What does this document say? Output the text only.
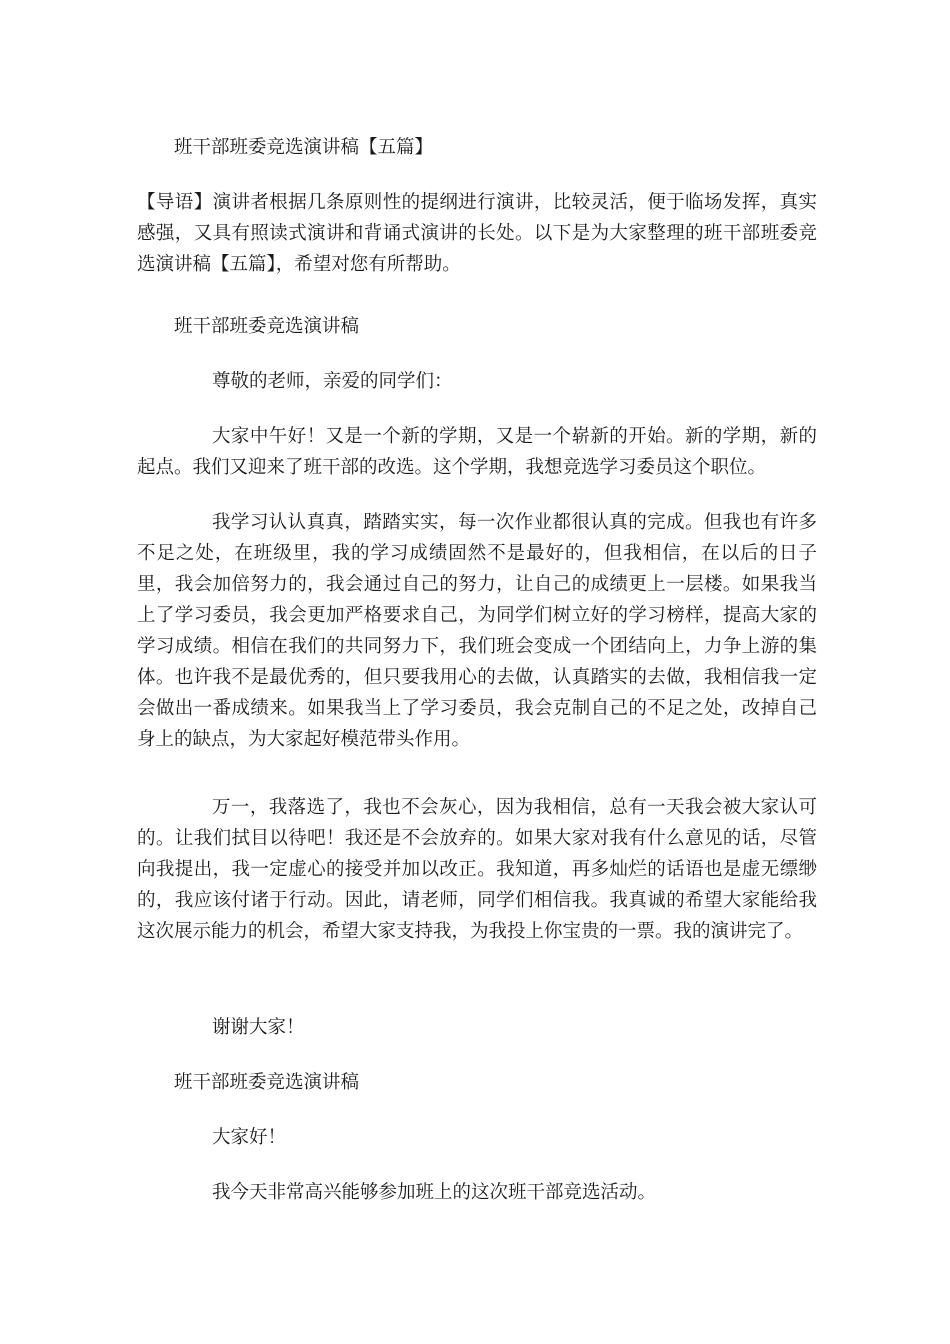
班干部班委竞选演讲稿【五篇】

【导语】演讲者根据几条原则性的提纲进行演讲，比较灵活，便于临场发挥，真实感强，又具有照读式演讲和背诵式演讲的长处。以下是为大家整理的班干部班委竞选演讲稿【五篇】，希望对您有所帮助。

班干部班委竞选演讲稿

尊敬的老师，亲爱的同学们：

大家中午好！又是一个新的学期，又是一个崭新的开始。新的学期，新的起点。我们又迎来了班干部的改选。这个学期，我想竞选学习委员这个职位。

我学习认认真真，踏踏实实，每一次作业都很认真的完成。但我也有许多不足之处，在班级里，我的学习成绩固然不是最好的，但我相信，在以后的日子里，我会加倍努力的，我会通过自己的努力，让自己的成绩更上一层楼。如果我当上了学习委员，我会更加严格要求自己，为同学们树立好的学习榜样，提高大家的学习成绩。相信在我们的共同努力下，我们班会变成一个团结向上，力争上游的集体。也许我不是最优秀的，但只要我用心的去做，认真踏实的去做，我相信我一定会做出一番成绩来。如果我当上了学习委员，我会克制自己的不足之处，改掉自己身上的缺点，为大家起好模范带头作用。

万一，我落选了，我也不会灰心，因为我相信，总有一天我会被大家认可的。让我们拭目以待吧！我还是不会放弃的。如果大家对我有什么意见的话，尽管向我提出，我一定虚心的接受并加以改正。我知道，再多灿烂的话语也是虚无缥缈的，我应该付诸于行动。因此，请老师，同学们相信我。我真诚的希望大家能给我这次展示能力的机会，希望大家支持我，为我投上你宝贵的一票。我的演讲完了。

谢谢大家！

班干部班委竞选演讲稿

大家好！

我今天非常高兴能够参加班上的这次班干部竞选活动。
